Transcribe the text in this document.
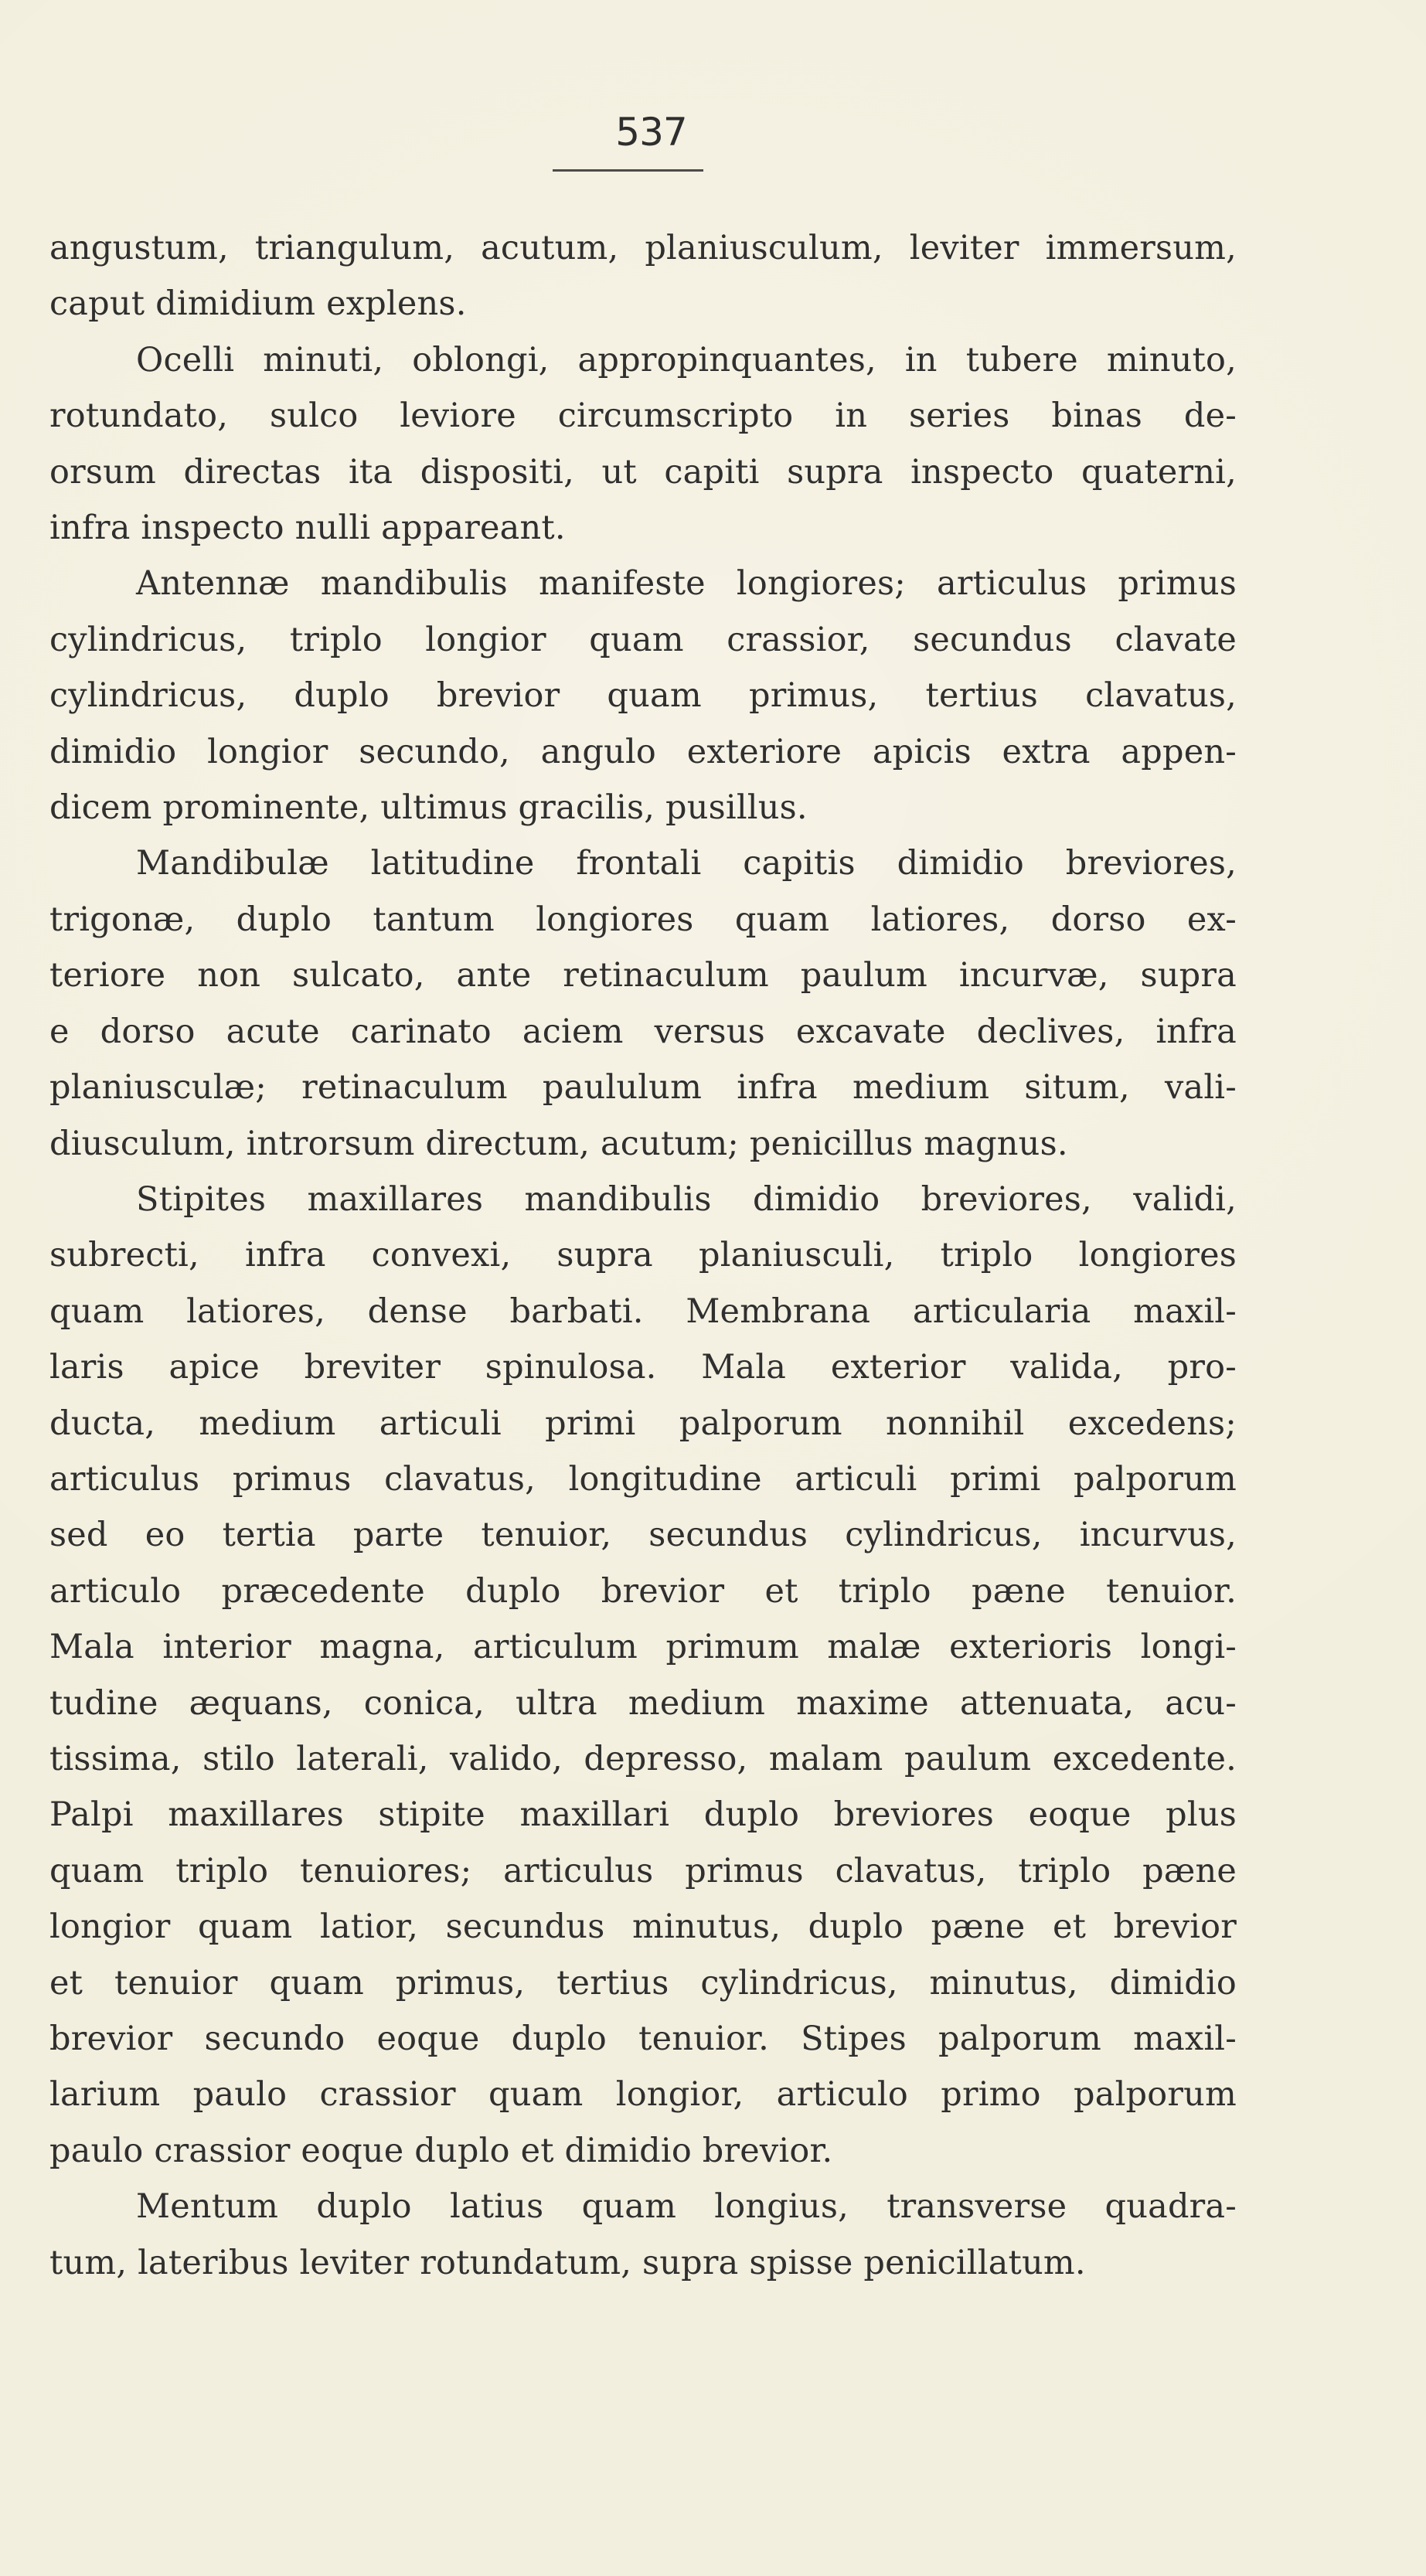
537
angustum, triangulum, acutum, planiusculum, leviter immersum,
caput dimidium explens.
Ocelli minuti, oblongi, appropinquantes, in tubere minuto,
rotundato, sulco leviore circumscripto in series binas de-
orsum directas ita dispositi, ut capiti supra inspecto quaterni,
infra inspecto nulli appareant.
Antennæ mandibulis manifeste longiores; articulus primus
cylindricus, triplo longior quam crassior, secundus clavate
cylindricus, duplo brevior quam primus, tertius clavatus,
dimidio longior secundo, angulo exteriore apicis extra appen-
dicem prominente, ultimus gracilis, pusillus.
Mandibulæ latitudine frontali capitis dimidio breviores,
trigonæ, duplo tantum longiores quam latiores, dorso ex-
teriore non sulcato, ante retinaculum paulum incurvæ, supra
e dorso acute carinato aciem versus excavate declives, infra
planiusculæ; retinaculum paululum infra medium situm, vali-
diusculum, introrsum directum, acutum; penicillus magnus.
Stipites maxillares mandibulis dimidio breviores, validi,
subrecti, infra convexi, supra planiusculi, triplo longiores
quam latiores, dense barbati. Membrana articularia maxil-
laris apice breviter spinulosa. Mala exterior valida, pro-
ducta, medium articuli primi palporum nonnihil excedens;
articulus primus clavatus, longitudine articuli primi palporum
sed eo tertia parte tenuior, secundus cylindricus, incurvus,
articulo præcedente duplo brevior et triplo pæne tenuior.
Mala interior magna, articulum primum malæ exterioris longi-
tudine æquans, conica, ultra medium maxime attenuata, acu-
tissima, stilo laterali, valido, depresso, malam paulum excedente.
Palpi maxillares stipite maxillari duplo breviores eoque plus
quam triplo tenuiores; articulus primus clavatus, triplo pæne
longior quam latior, secundus minutus, duplo pæne et brevior
et tenuior quam primus, tertius cylindricus, minutus, dimidio
brevior secundo eoque duplo tenuior. Stipes palporum maxil-
larium paulo crassior quam longior, articulo primo palporum
paulo crassior eoque duplo et dimidio brevior.
Mentum duplo latius quam longius, transverse quadra-
tum, lateribus leviter rotundatum, supra spisse penicillatum.
